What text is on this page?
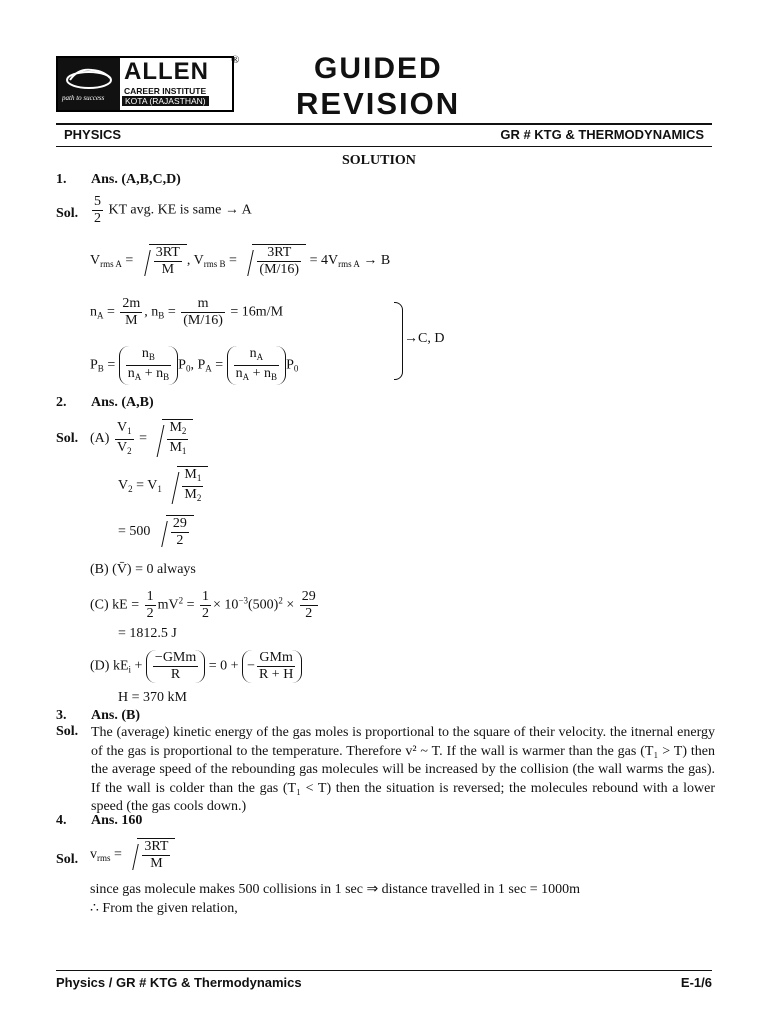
path to success
ALLEN
CAREER INSTITUTE
KOTA (RAJASTHAN)
® GUIDED
REVISION
PHYSICS	GR # KTG & THERMODYNAMICS
SOLUTION
1. Ans. (A,B,C,D)
Sol. $\frac{5}{2}$ KT avg. KE is same → A
$V_{rms A} = \frac{3RT}{M}$ , $V_{rms B} = \frac{3RT}{(M/16)} = 4V_{rms A} \to B$
$n_A = \frac{2m}{M}$ , $n_B = \frac{m}{(M/16)} = 16m/M$
→C, D
$P_B = \frac{n_B}{n_A + n_B} P_0$, $P_A = \frac{n_A}{n_A + n_B} P_0$
2. Ans. (A,B)
Sol. $(A) \frac{V_1}{V_2} = \frac{M_2}{M_1}$
$V_2 = V_1 \frac{M_1}{M_2}$
= $500 \frac{29}{2}$
(B) (V̄) = 0 always
(C) kE = $\frac{1}{2} mV^2 = \frac{1}{2} \times 10^{-3}(500)^2 \times \frac{29}{2}$
= 1812.5 J
(D) $kE_i + \frac{\text{−GMm}}{R} = 0$ + − $\frac{\text{GMm}}{R + H}$
H = 370 kM
3. Ans. (B)
Sol. The (average) kinetic energy of the gas moles is proportional to the square of their velocity. the itnernal energy of the gas is proportional to the temperature. Therefore v² ~ T. If the wall is warmer than the gas (T₁ > T) then the average speed of the rebounding gas molecules will be increased by the collision (the wall warms the gas). If the wall is colder than the gas (T₁ < T) then the situation is reversed; the molecules rebound with a lower speed (the gas cools down.)
4. Ans. 160
Sol. $v_{rms} = \frac{3RT}{M}$
since gas molecule makes 500 collisions in 1 sec ⇒ distance travelled in 1 sec = 1000m
∴ From the given relation,
Physics / GR # KTG & Thermodynamics	E-1/6
